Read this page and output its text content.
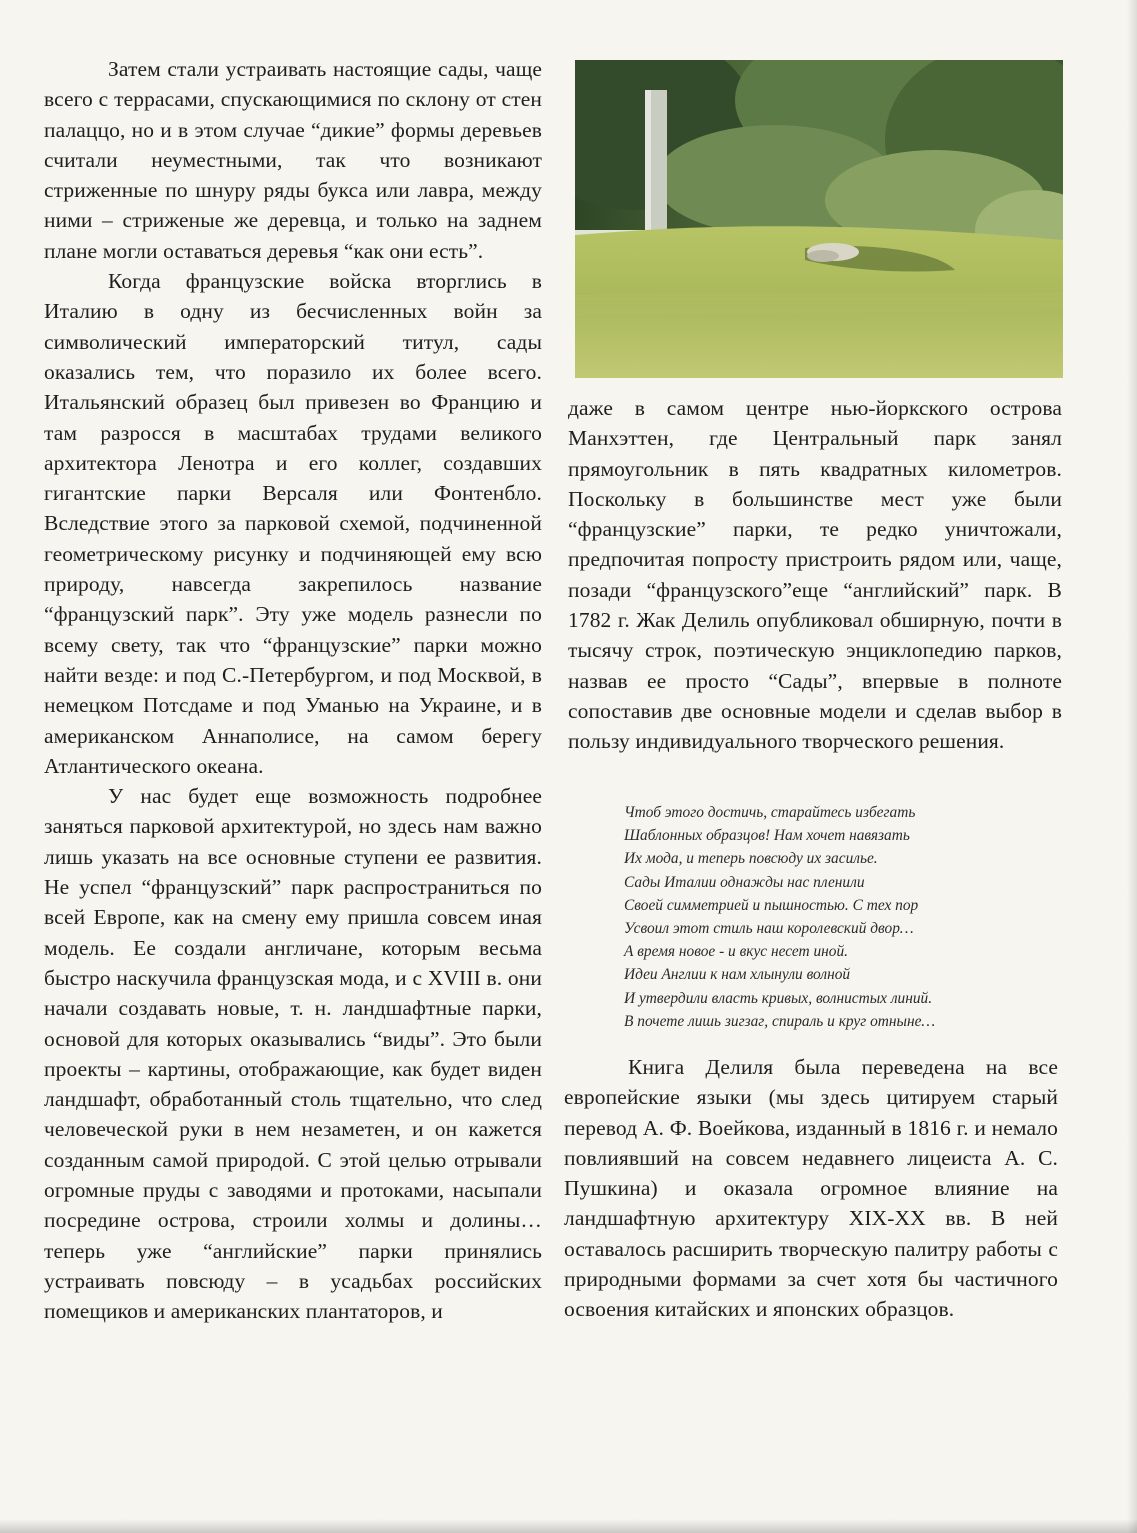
Затем стали устраивать настоящие сады, чаще всего с террасами, спускающимися по склону от стен палаццо, но и в этом случае “дикие” формы деревьев считали неуместными, так что возникают стриженные по шнуру ряды букса или лавра, между ними – стриженые же деревца, и только на заднем плане могли оставаться деревья “как они есть”.

Когда французские войска вторглись в Италию в одну из бесчисленных войн за символический императорский титул, сады оказались тем, что поразило их более всего. Итальянский образец был привезен во Францию и там разросся в масштабах трудами великого архитектора Ленотра и его коллег, создавших гигантские парки Версаля или Фонтенбло. Вследствие этого за парковой схемой, подчиненной геометрическому рисунку и подчиняющей ему всю природу, навсегда закрепилось название “французский парк”. Эту уже модель разнесли по всему свету, так что “французские” парки можно найти везде: и под С.-Петербургом, и под Москвой, в немецком Потсдаме и под Уманью на Украине, и в американском Аннаполисе, на самом берегу Атлантического океана.

У нас будет еще возможность подробнее заняться парковой архитектурой, но здесь нам важно лишь указать на все основные ступени ее развития. Не успел “французский” парк распространиться по всей Европе, как на смену ему пришла совсем иная модель. Ее создали англичане, которым весьма быстро наскучила французская мода, и с XVIII в. они начали создавать новые, т. н. ландшафтные парки, основой для которых оказывались “виды”. Это были проекты – картины, отображающие, как будет виден ландшафт, обработанный столь тщательно, что след человеческой руки в нем незаметен, и он кажется созданным самой природой. С этой целью отрывали огромные пруды с заводями и протоками, насыпали посредине острова, строили холмы и долины… теперь уже “английские” парки принялись устраивать повсюду – в усадьбах российских помещиков и американских плантаторов, и

даже в самом центре нью-йоркского острова Манхэттен, где Центральный парк занял прямоугольник в пять квадратных километров. Поскольку в большинстве мест уже были “французские” парки, те редко уничтожали, предпочитая попросту пристроить рядом или, чаще, позади “французского”еще “английский” парк. В 1782 г. Жак Делиль опубликовал обширную, почти в тысячу строк, поэтическую энциклопедию парков, назвав ее просто “Сады”, впервые в полноте сопоставив две основные модели и сделав выбор в пользу индивидуального творческого решения.

Чтоб этого достичь, старайтесь избегать
Шаблонных образцов! Нам хочет навязать
Их мода, и теперь повсюду их засилье.
Сады Италии однажды нас пленили
Своей симметрией и пышностью. С тех пор
Усвоил этот стиль наш королевский двор…
А время новое - и вкус несет иной.
Идеи Англии к нам хлынули волной
И утвердили власть кривых, волнистых линий.
В почете лишь зигзаг, спираль и круг отныне…

Книга Делиля была переведена на все европейские языки (мы здесь цитируем старый перевод А. Ф. Воейкова, изданный в 1816 г. и немало повлиявший на совсем недавнего лицеиста А. С. Пушкина) и оказала огромное влияние на ландшафтную архитектуру XIX-XX вв. В ней оставалось расширить творческую палитру работы с природными формами за счет хотя бы частичного освоения китайских и японских образцов.
